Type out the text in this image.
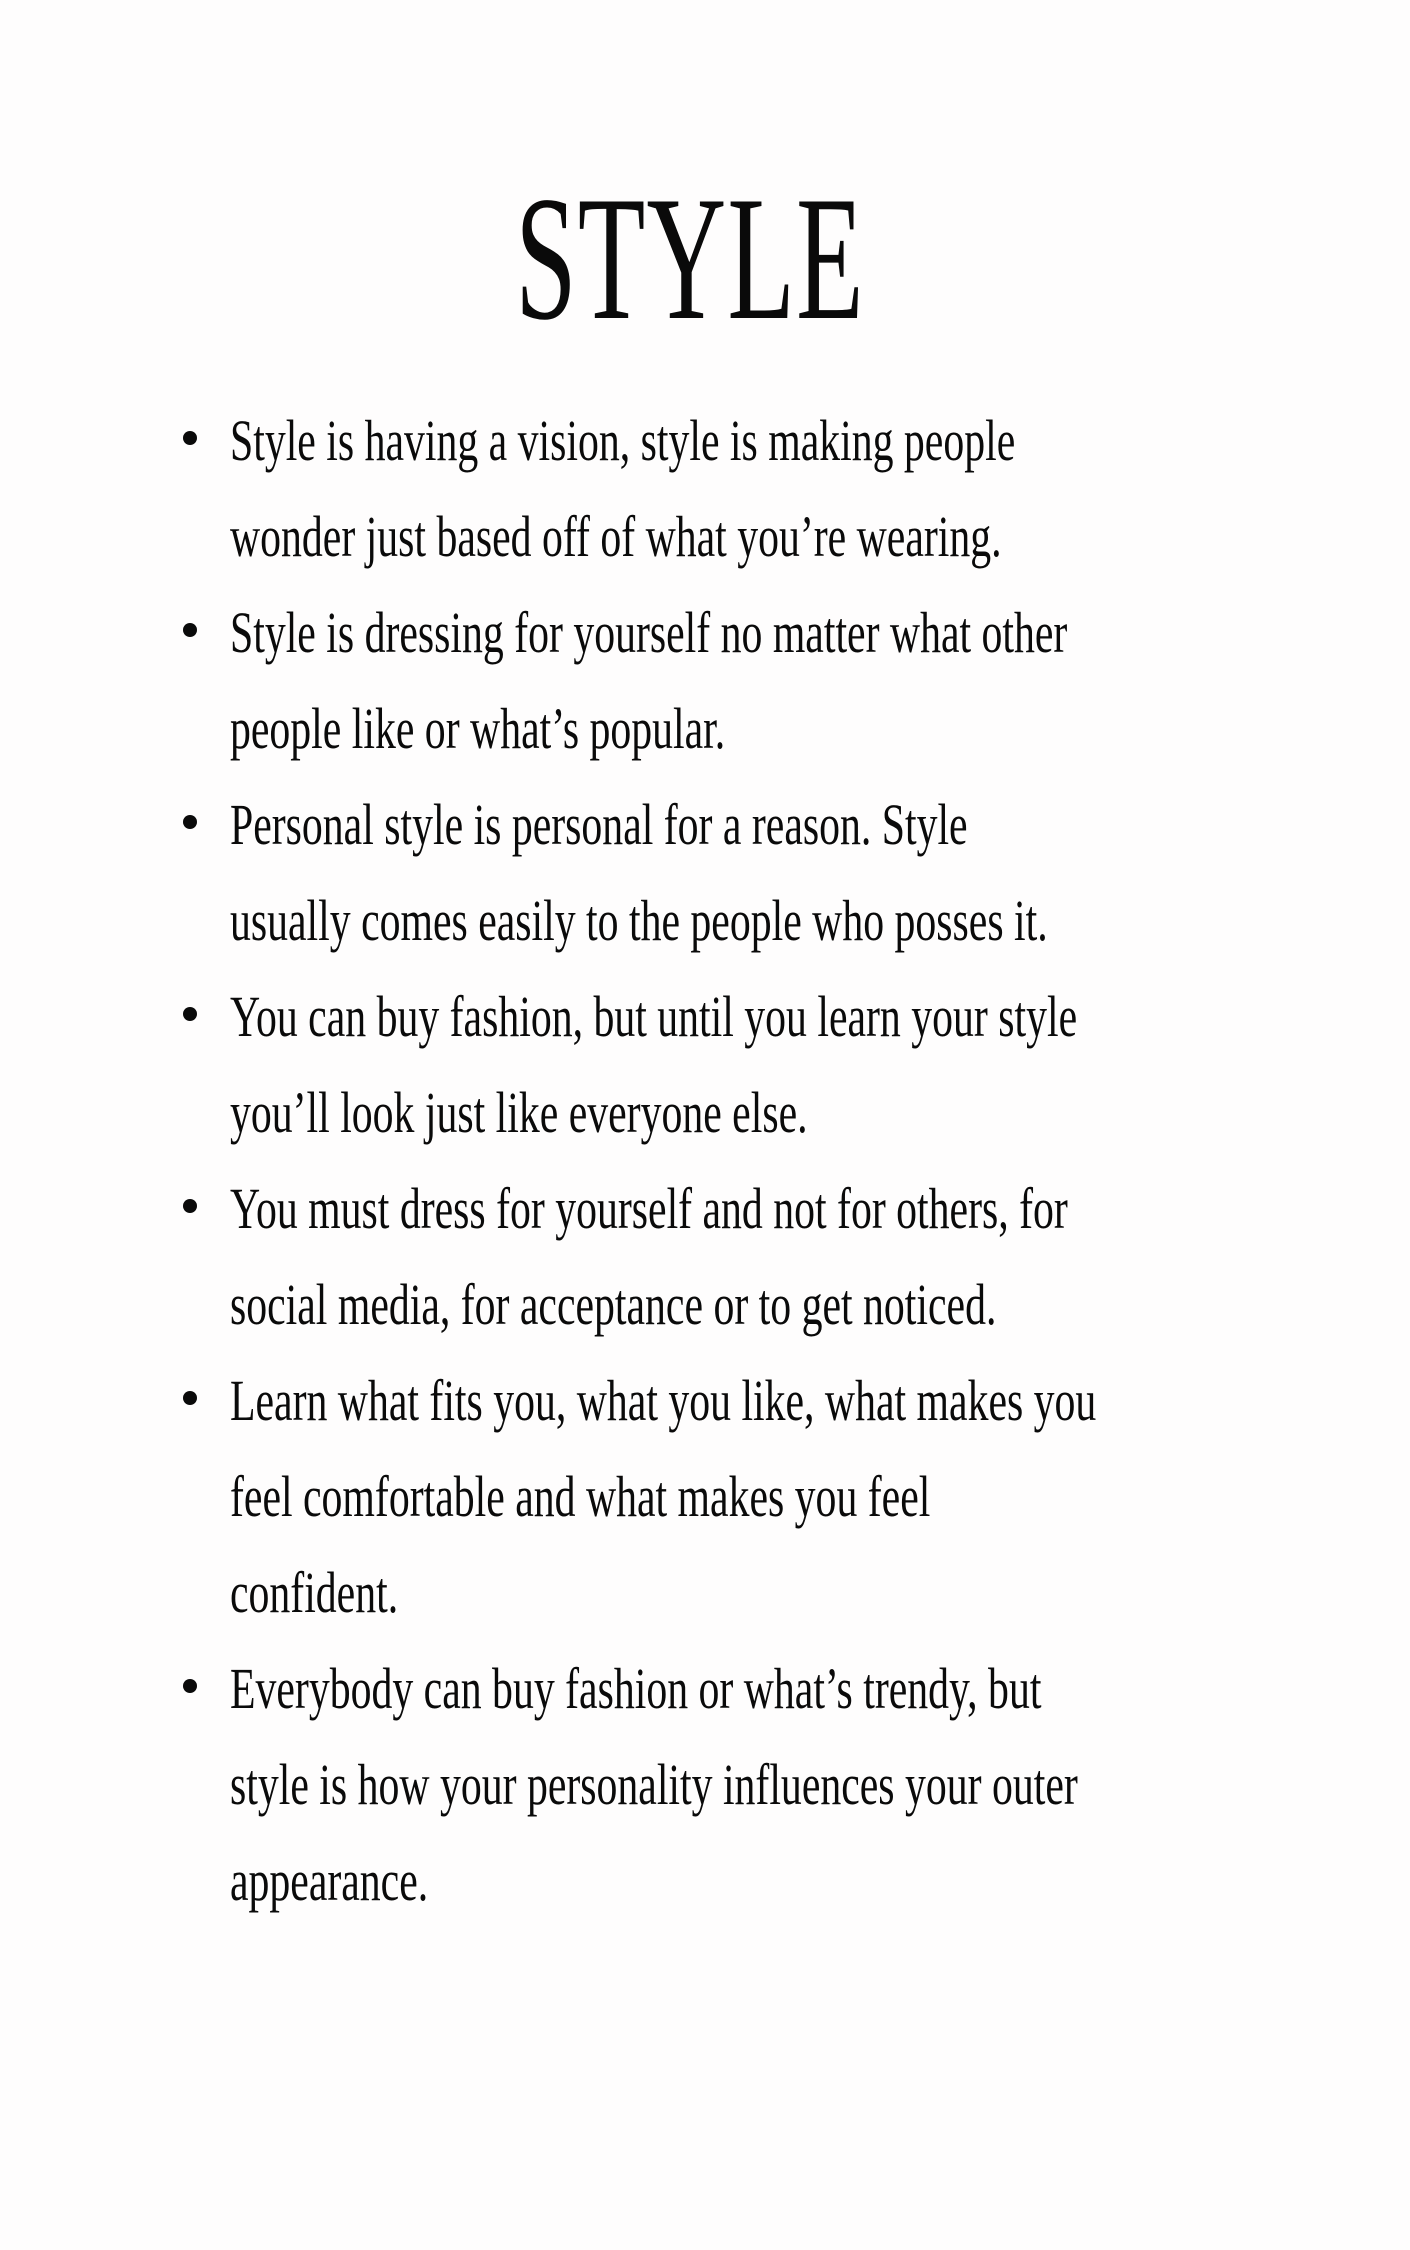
STYLE
Style is having a vision, style is making people
wonder just based off of what you’re wearing.
Style is dressing for yourself no matter what other
people like or what’s popular.
Personal style is personal for a reason. Style
usually comes easily to the people who posses it.
You can buy fashion, but until you learn your style
you’ll look just like everyone else.
You must dress for yourself and not for others, for
social media, for acceptance or to get noticed.
Learn what fits you, what you like, what makes you
feel comfortable and what makes you feel
confident.
Everybody can buy fashion or what’s trendy, but
style is how your personality influences your outer
appearance.
